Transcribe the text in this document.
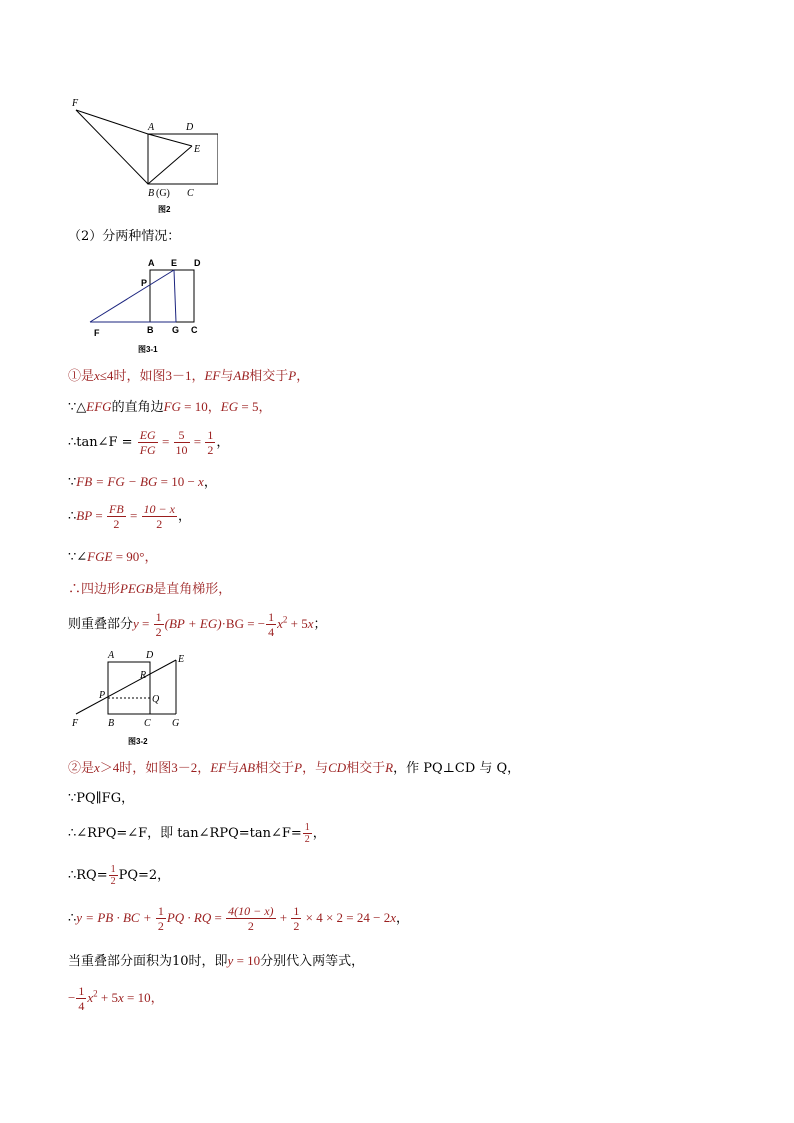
F
A	D
E
B (G) C
图2
（2）分两种情况：
A E D
P
F	B G C
图3-1
①是x≤4时，如图3－1，EF与AB相交于P，
∵△EFG的直角边FG = 10，EG = 5，
∴tan∠F = $\frac{EG}{FG} = \frac{5}{10} = \frac{1}{2}$ ，
∵FB = FG − BG = 10 − x，
∴BP = $\frac{FB}{2} = \frac{10 - x}{2}$ ，
∵∠FGE = 90°，
∴四边形PEGB是直角梯形，
则重叠部分$y = \frac{1}{2} (BP + EG)\cdot BG$ = − $\frac{1}{4} x^2 + 5x$；
A	D E
R
P	Q
F	B	C G
图3-2
②是x＞4时，如图3－2，EF与AB相交于P，与CD相交于R，作 PQ⊥CD 与 Q，
∵PQ∥FG，
∴∠RPQ=∠F，即 tan∠RPQ=tan∠F= $\frac{1}{2}$ ，
∴RQ= $\frac{1}{2} PQ=2$，
∴y = PB · BC + $\frac{1}{2}$ PQ · RQ = $\frac{4(10 - x)}{2} + \frac{1}{2} \times 4 \times 2 = 24 - 2x$，
当重叠部分面积为10时，即y = 10分别代入两等式，
− $\frac{1}{4} x^2 + 5x = 10$，
